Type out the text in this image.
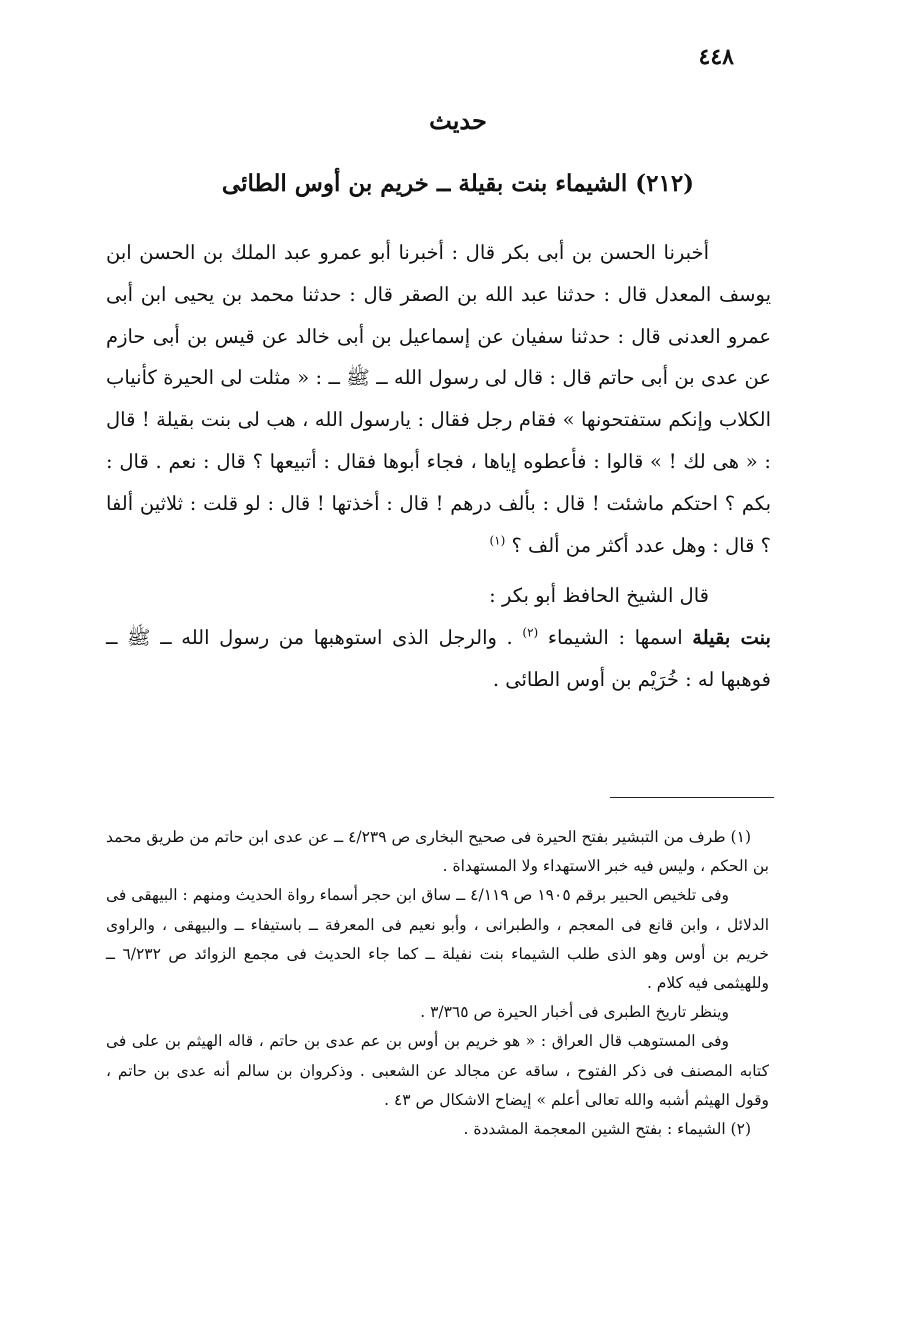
٤٤٨
حديث
(٢١٢) الشيماء بنت بقيلة ــ خريم بن أوس الطائى

أخبرنا الحسن بن أبى بكر قال : أخبرنا أبو عمرو عبد الملك بن الحسن ابن يوسف المعدل قال : حدثنا عبد الله بن الصقر قال : حدثنا محمد بن يحيى ابن أبى عمرو العدنى قال : حدثنا سفيان عن إسماعيل بن أبى خالد عن قيس بن أبى حازم عن عدى بن أبى حاتم قال : قال لى رسول الله ــ ﷺ ــ : « مثلت لى الحيرة كأنياب الكلاب وإنكم ستفتحونها » فقام رجل فقال : يارسول الله ، هب لى بنت بقيلة ! قال : « هى لك ! » قالوا : فأعطوه إياها ، فجاء أبوها فقال : أتبيعها ؟ قال : نعم . قال : بكم ؟ احتكم ماشئت ! قال : بألف درهم ! قال : أخذتها ! قال : لو قلت : ثلاثين ألفا ؟ قال : وهل عدد أكثر من ألف ؟ $^{(١)}$

قال الشيخ الحافظ أبو بكر :

بنت بقيلة اسمها : الشيماء $^{(٢)}$ . والرجل الذى استوهبها من رسول الله ــ ﷺ ــ فوهبها له : خُرَيْم بن أوس الطائى .

(١) طرف من التبشير بفتح الحيرة فى صحيح البخارى ص ٤/٢٣٩ ــ عن عدى ابن حاتم من طريق محمد بن الحكم ، وليس فيه خبر الاستهداء ولا المستهداة .

وفى تلخيص الحبير برقم ١٩٠٥ ص ٤/١١٩ ــ ساق ابن حجر أسماء رواة الحديث ومنهم : البيهقى فى الدلائل ، وابن قانع فى المعجم ، والطبرانى ، وأبو نعيم فى المعرفة ــ باستيفاء ــ والبيهقى ، والراوى خريم بن أوس وهو الذى طلب الشيماء بنت نفيلة ــ كما جاء الحديث فى مجمع الزوائد ص ٦/٢٣٢ ــ وللهيثمى فيه كلام .

وينظر تاريخ الطبرى فى أخبار الحيرة ص ٣/٣٦٥ .

وفى المستوهب قال العراق : « هو خريم بن أوس بن عم عدى بن حاتم ، قاله الهيثم بن على فى كتابه المصنف فى ذكر الفتوح ، ساقه عن مجالد عن الشعبى . وذكروان بن سالم أنه عدى بن حاتم ، وقول الهيثم أشبه والله تعالى أعلم » إيضاح الاشكال ص ٤٣ .

(٢) الشيماء : بفتح الشين المعجمة المشددة .
